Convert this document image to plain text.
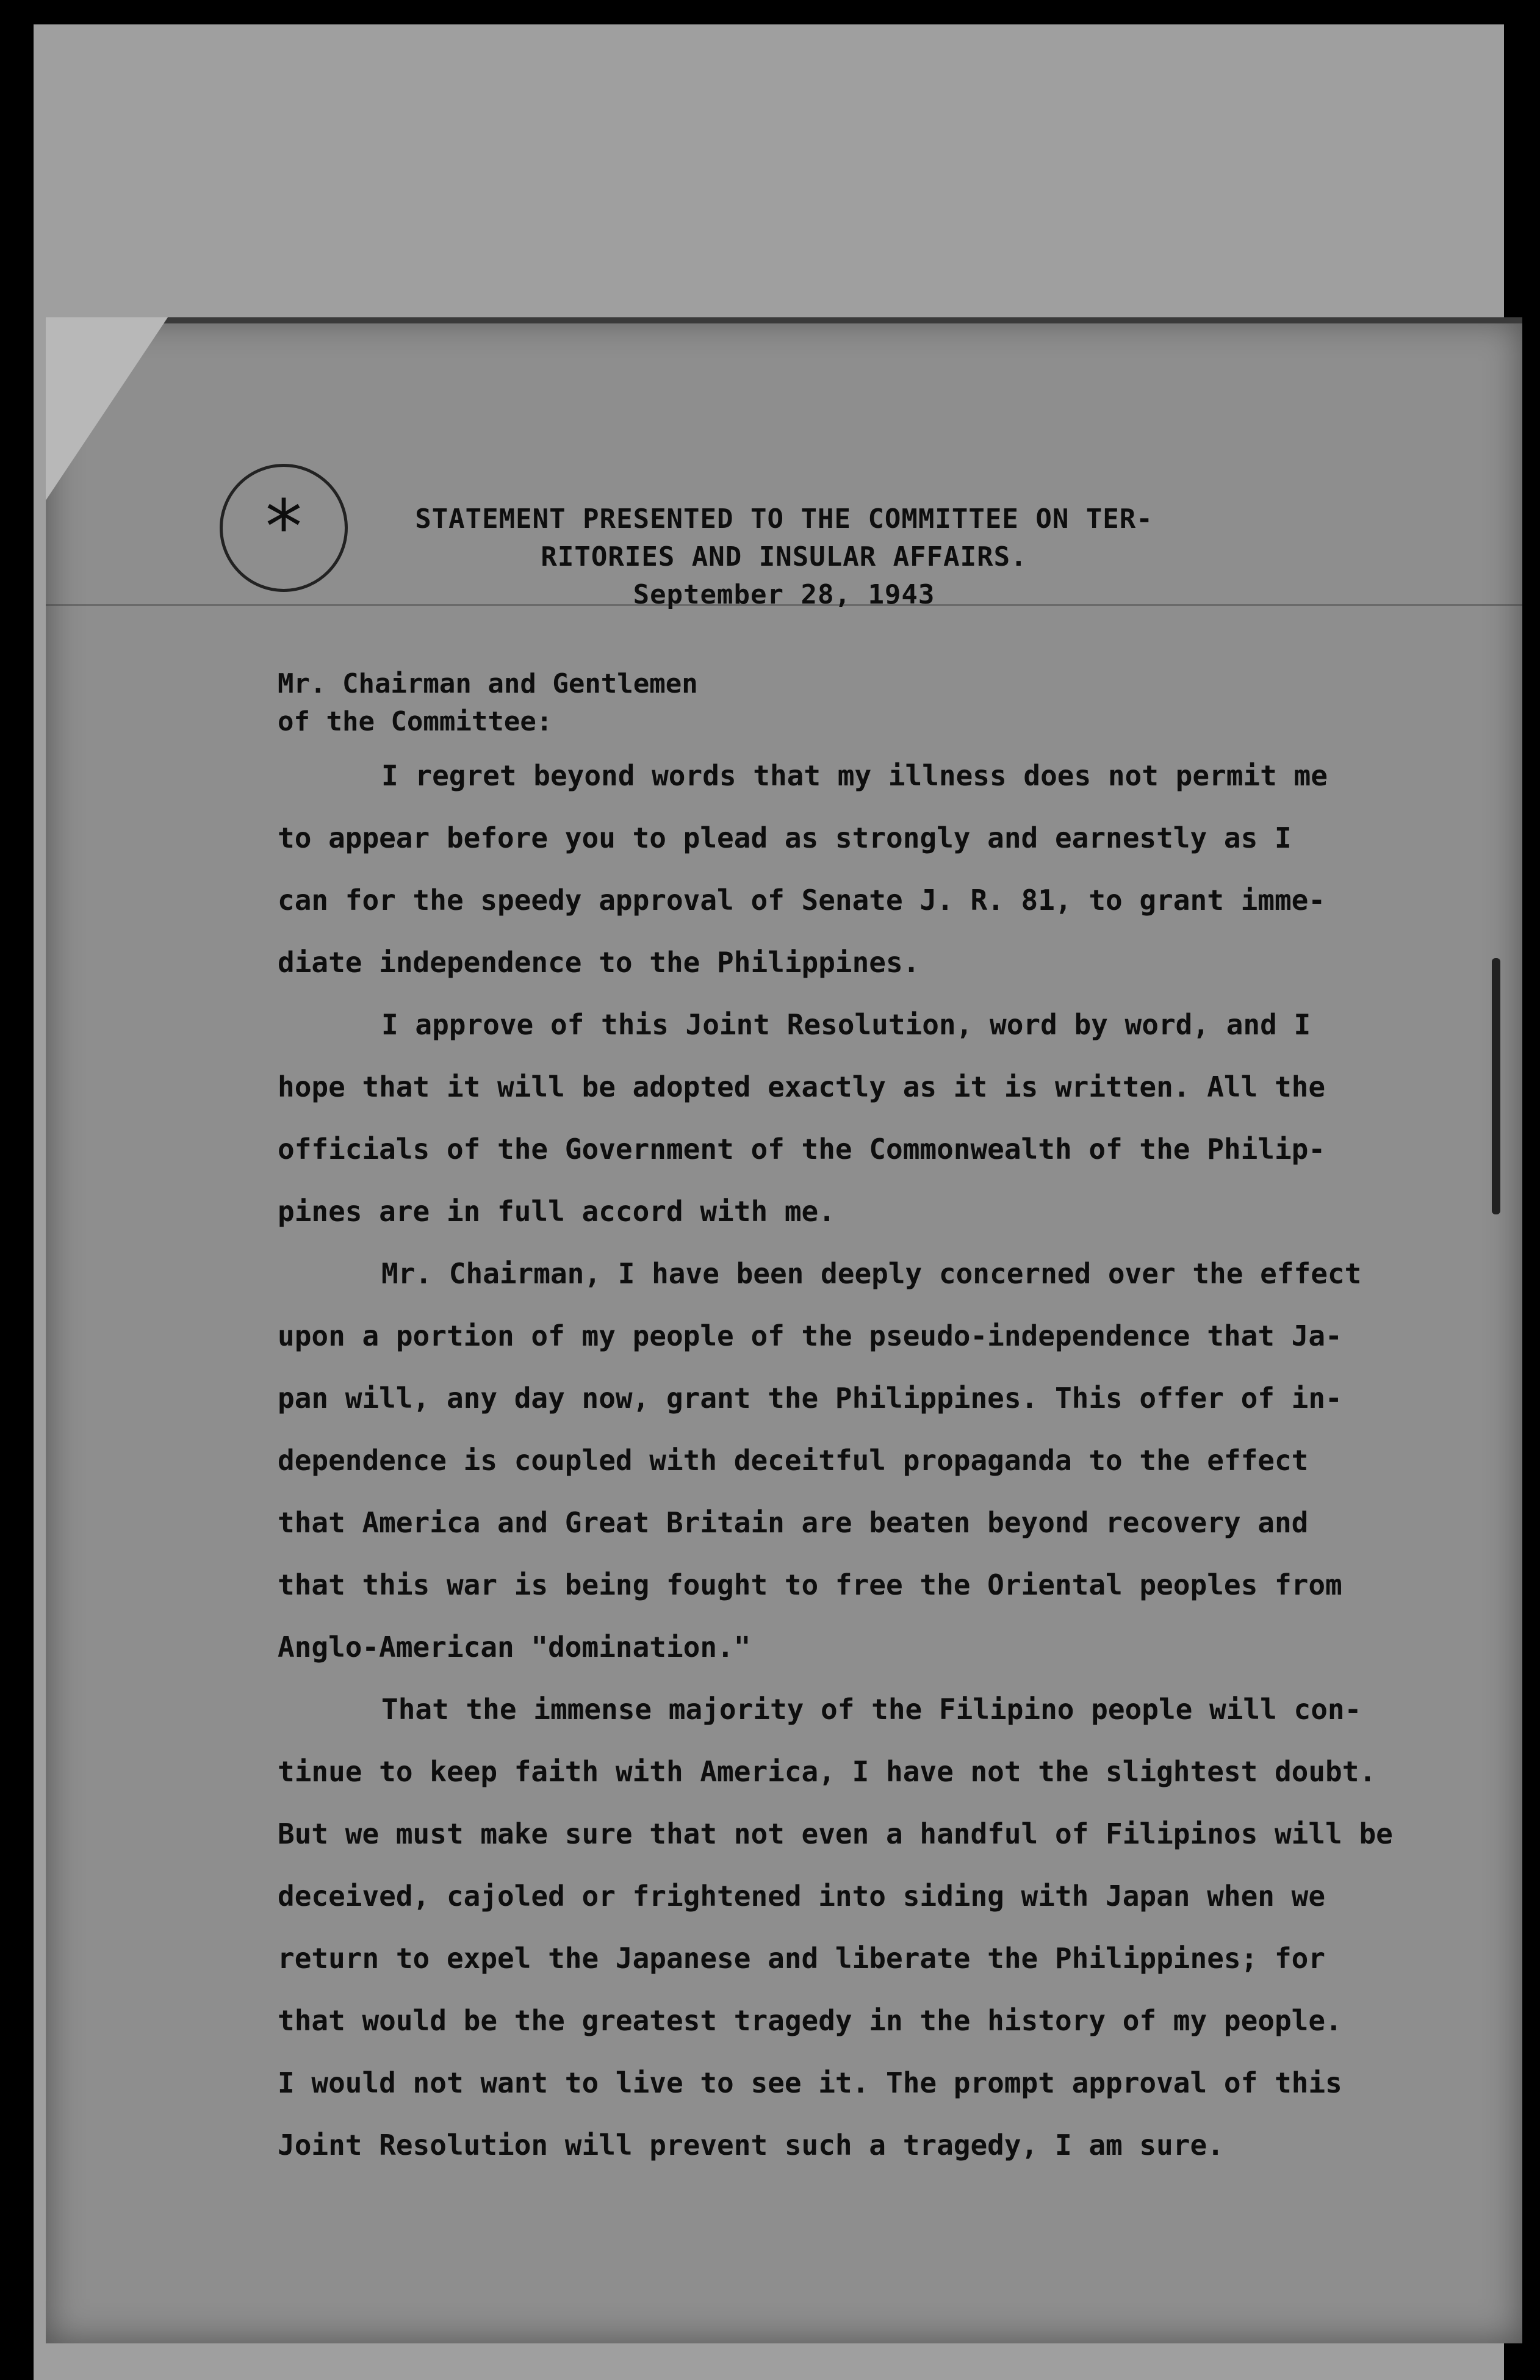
*	STATEMENT PRESENTED TO THE COMMITTEE ON TER-
RITORIES AND INSULAR AFFAIRS.
September 28, 1943
Mr. Chairman and Gentlemen
of the Committee:
I regret beyond words that my illness does not permit me
to appear before you to plead as strongly and earnestly as I
can for the speedy approval of Senate J. R. 81, to grant imme-
diate independence to the Philippines.
I approve of this Joint Resolution, word by word, and I
hope that it will be adopted exactly as it is written. All the
officials of the Government of the Commonwealth of the Philip-
pines are in full accord with me.
Mr. Chairman, I have been deeply concerned over the effect
upon a portion of my people of the pseudo-independence that Ja-
pan will, any day now, grant the Philippines. This offer of in-
dependence is coupled with deceitful propaganda to the effect
that America and Great Britain are beaten beyond recovery and
that this war is being fought to free the Oriental peoples from
Anglo-American "domination."
That the immense majority of the Filipino people will con-
tinue to keep faith with America, I have not the slightest doubt.
But we must make sure that not even a handful of Filipinos will be
deceived, cajoled or frightened into siding with Japan when we
return to expel the Japanese and liberate the Philippines; for
that would be the greatest tragedy in the history of my people.
I would not want to live to see it. The prompt approval of this
Joint Resolution will prevent such a tragedy, I am sure.
